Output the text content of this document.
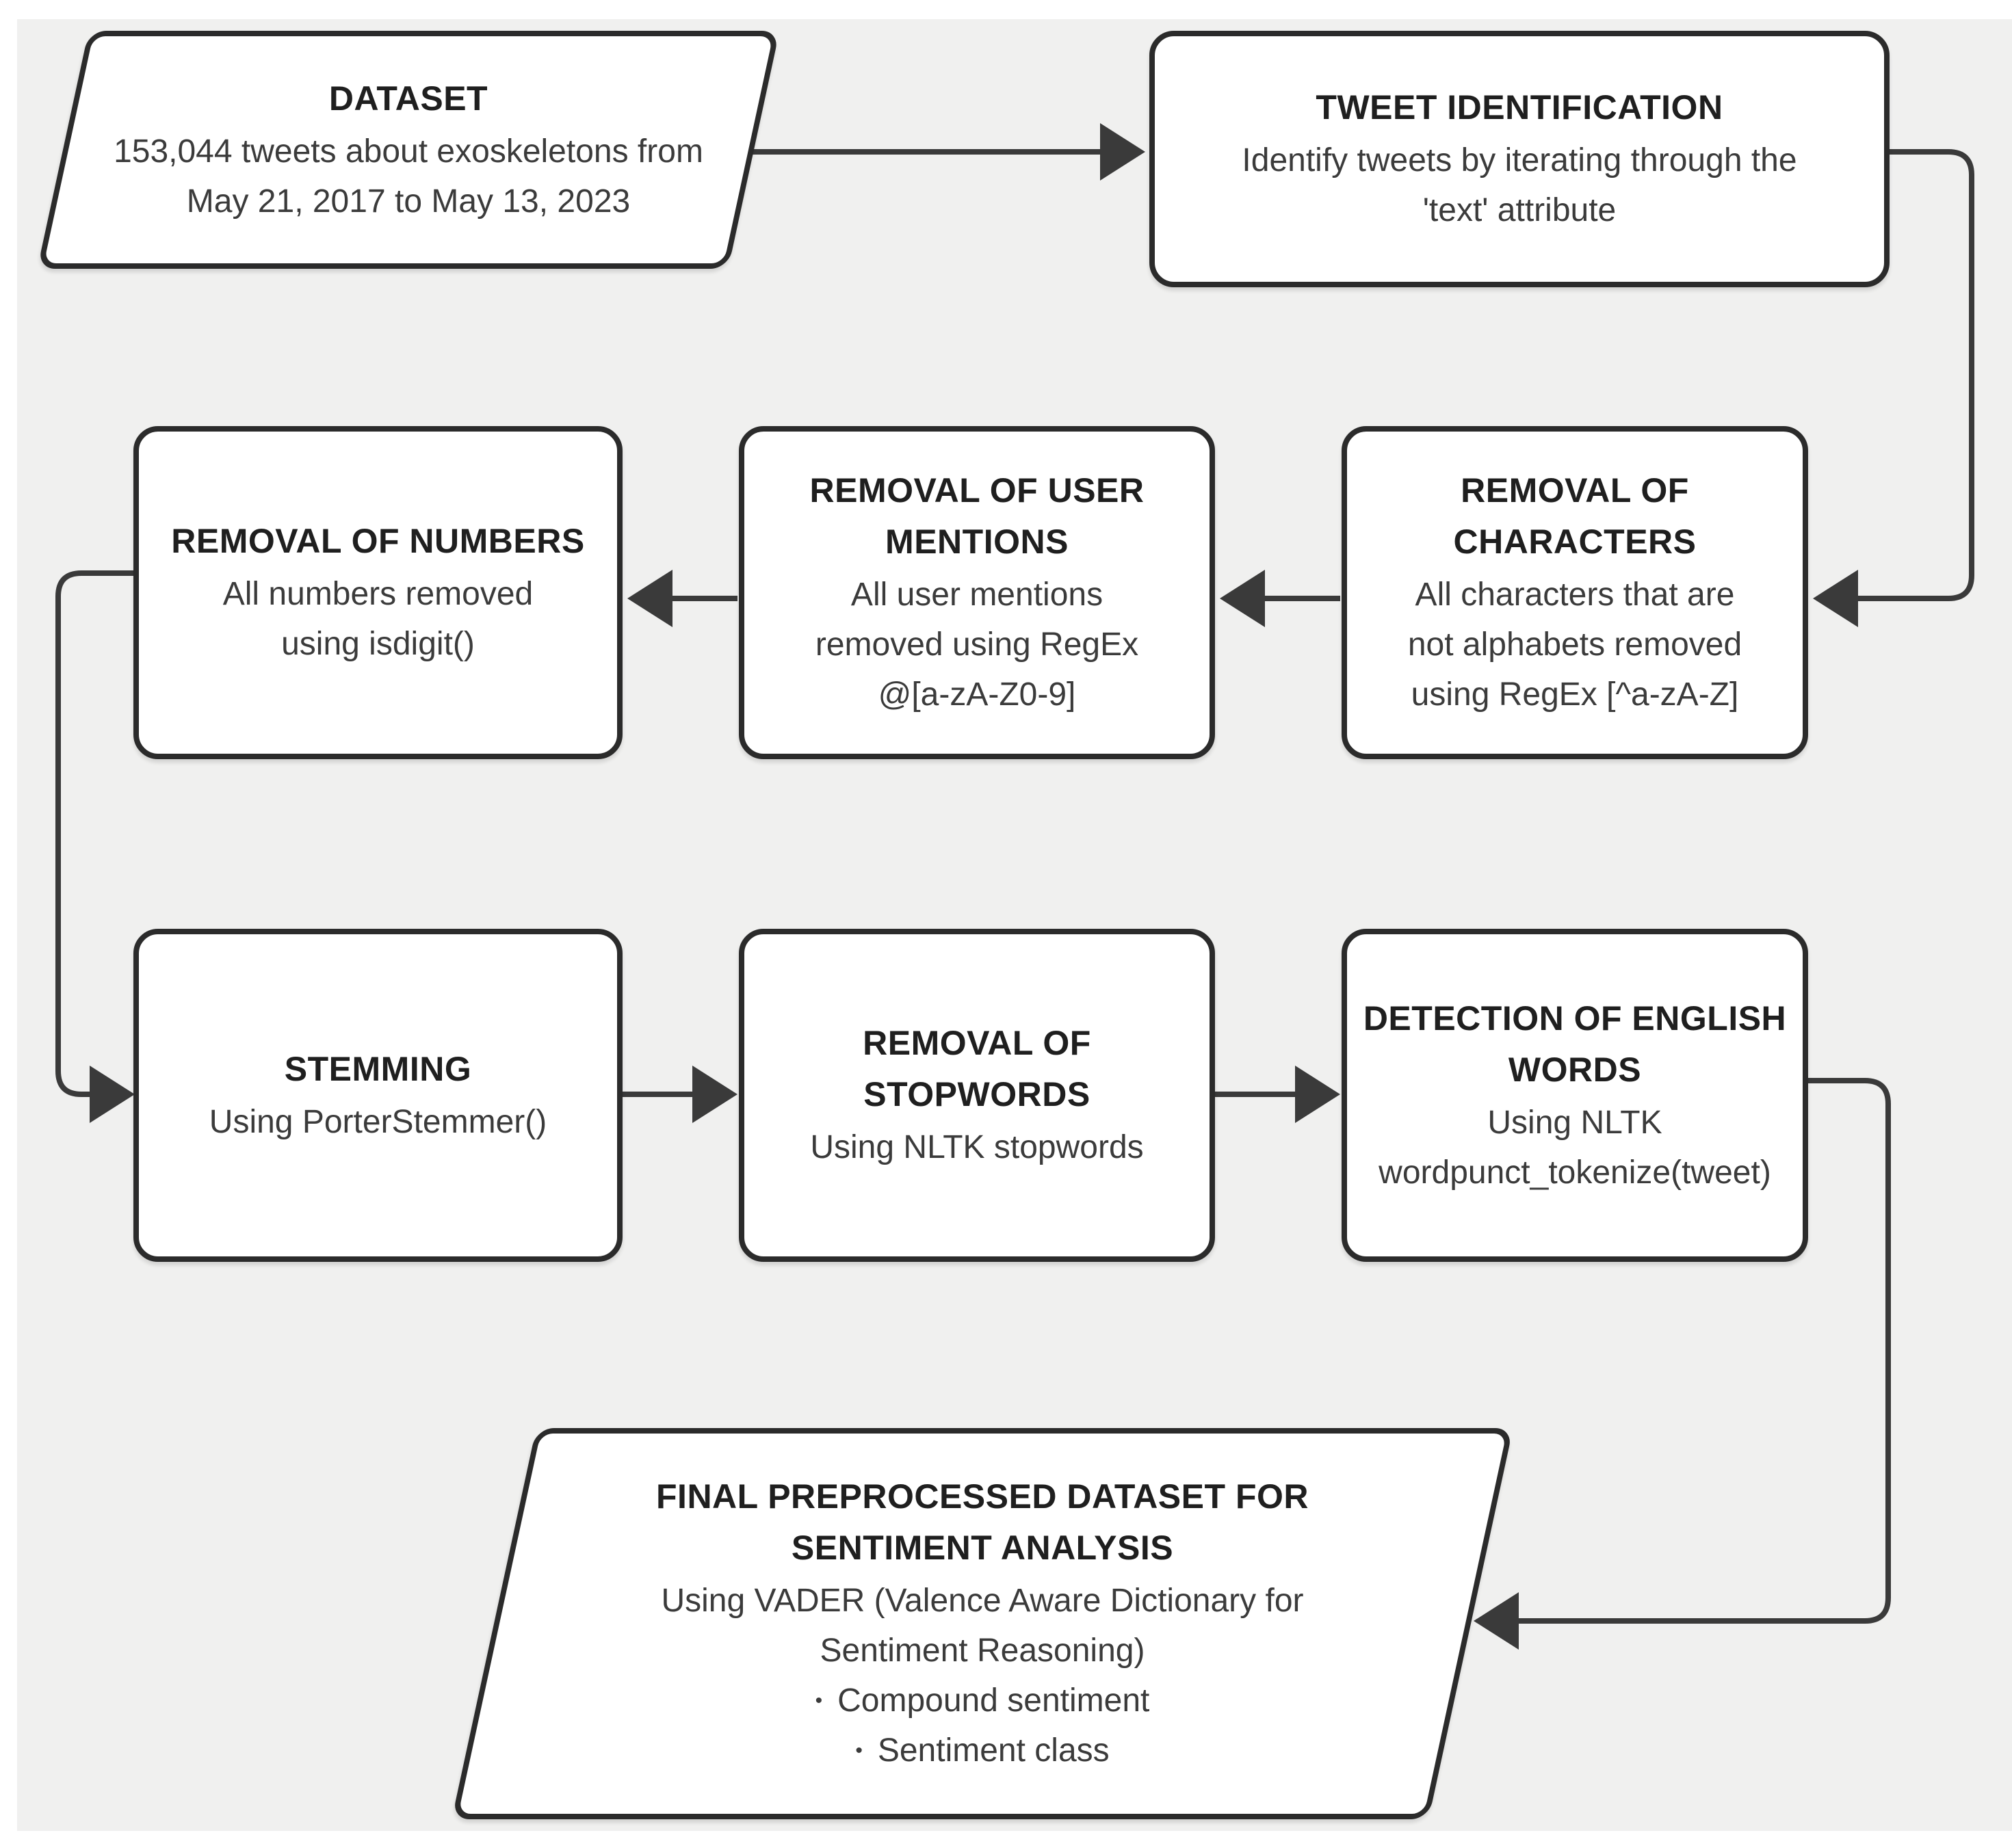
DATASET
153,044 tweets about exoskeletons from
May 21, 2017 to May 13, 2023
TWEET IDENTIFICATION
Identify tweets by iterating through the
'text' attribute
REMOVAL OF NUMBERS
All numbers removed
using isdigit()
REMOVAL OF USER
MENTIONS
All user mentions
removed using RegEx
@[a-zA-Z0-9]
REMOVAL OF
CHARACTERS
All characters that are
not alphabets removed
using RegEx [^a-zA-Z]
STEMMING
Using PorterStemmer()
REMOVAL OF
STOPWORDS
Using NLTK stopwords
DETECTION OF ENGLISH
WORDS
Using NLTK
wordpunct_tokenize(tweet)
FINAL PREPROCESSED DATASET FOR
SENTIMENT ANALYSIS
Using VADER (Valence Aware Dictionary for
Sentiment Reasoning)
• Compound sentiment
• Sentiment class
